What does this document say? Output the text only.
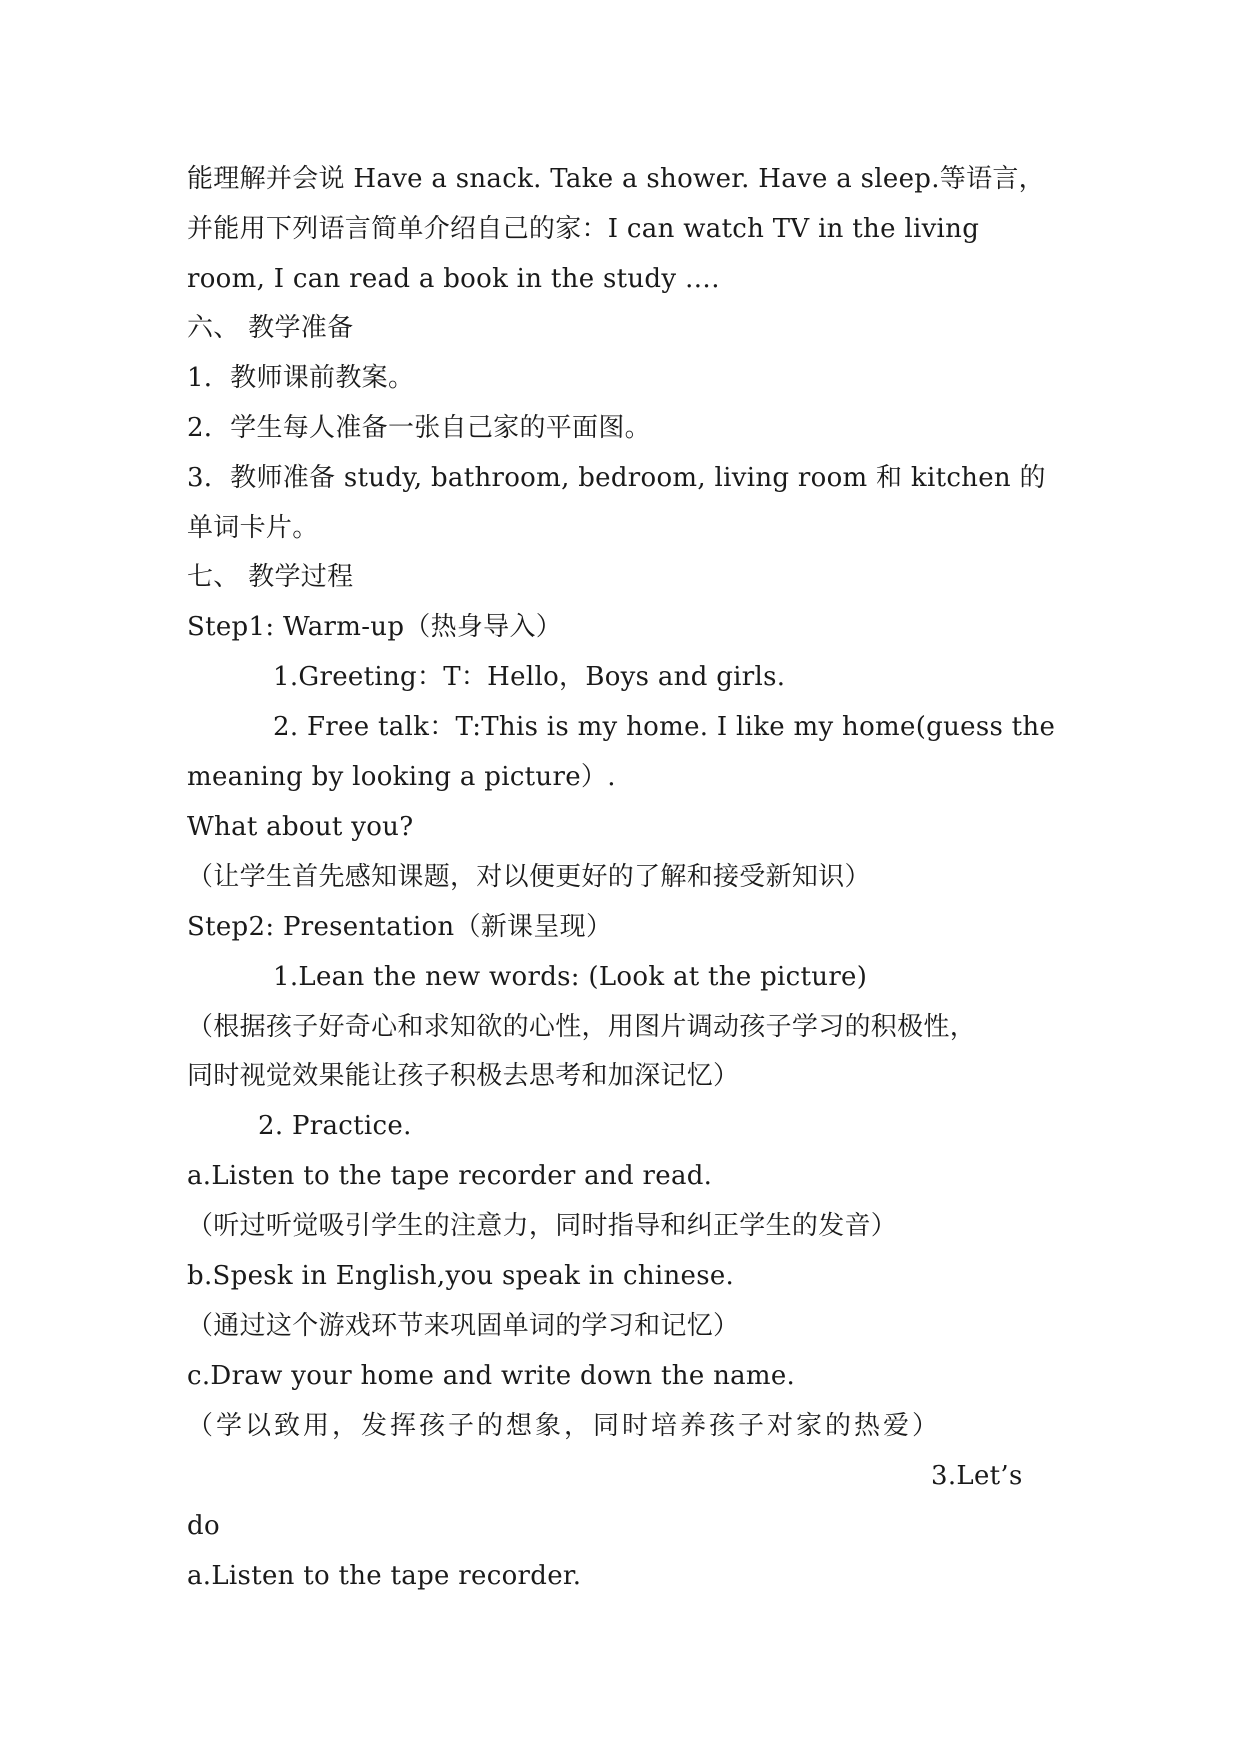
能理解并会说 Have a snack. Take a shower. Have a sleep.等语言，
并能用下列语言简单介绍自己的家：I can watch TV in the living
room, I can read a book in the study ….
六、 教学准备
1．教师课前教案。
2．学生每人准备一张自己家的平面图。
3．教师准备 study, bathroom, bedroom, living room 和 kitchen 的
单词卡片。
七、 教学过程
Step1: Warm-up（热身导入）
1.Greeting：T：Hello，Boys and girls.
2. Free talk：T:This is my home. I like my home(guess the
meaning by looking a picture）.
What about you?
（让学生首先感知课题，对以便更好的了解和接受新知识）
Step2: Presentation（新课呈现）
1.Lean the new words: (Look at the picture)
（根据孩子好奇心和求知欲的心性，用图片调动孩子学习的积极性，
同时视觉效果能让孩子积极去思考和加深记忆）
2. Practice.
a.Listen to the tape recorder and read.
（听过听觉吸引学生的注意力，同时指导和纠正学生的发音）
b.Spesk in English,you speak in chinese.
（通过这个游戏环节来巩固单词的学习和记忆）
c.Draw your home and write down the name.
（学以致用，发挥孩子的想象，同时培养孩子对家的热爱）
3.Let’s
do
a.Listen to the tape recorder.
